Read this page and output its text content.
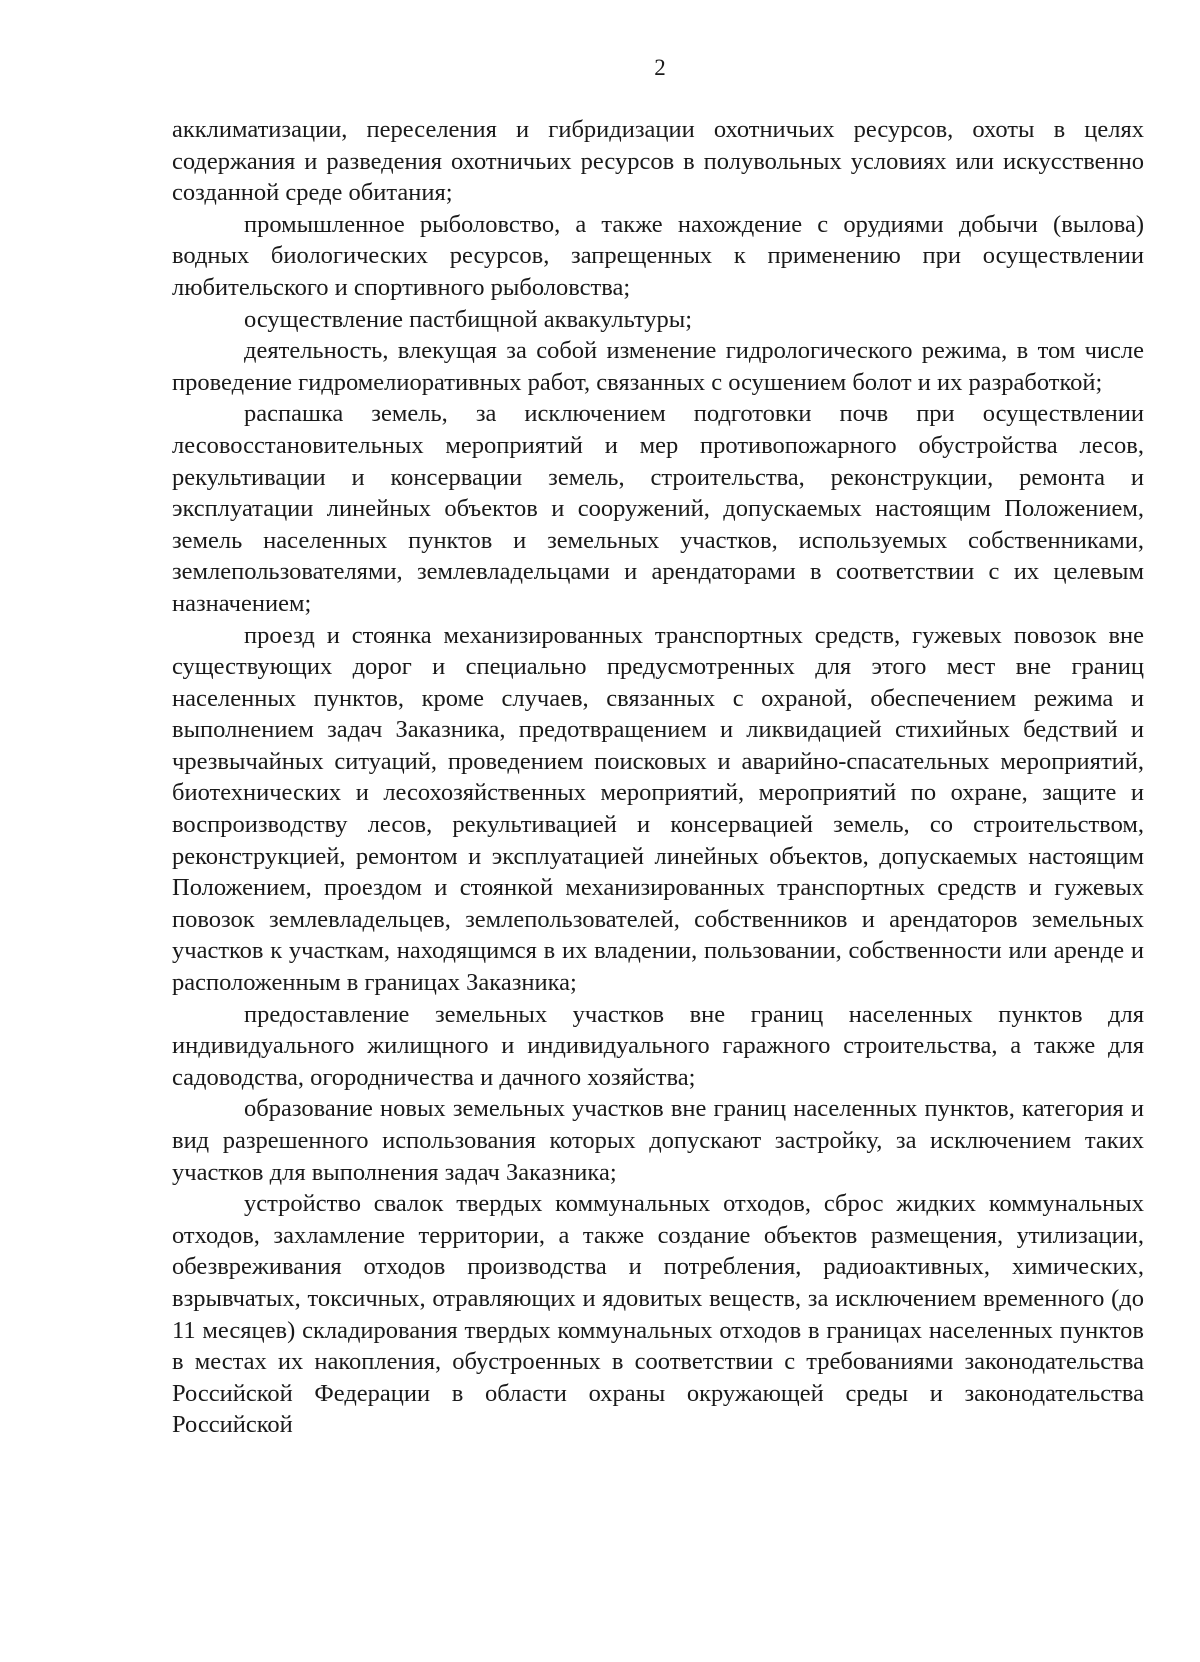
2

акклиматизации, переселения и гибридизации охотничьих ресурсов, охоты в целях содержания и разведения охотничьих ресурсов в полувольных условиях или искусственно созданной среде обитания;

промышленное рыболовство, а также нахождение с орудиями добычи (вылова) водных биологических ресурсов, запрещенных к применению при осуществлении любительского и спортивного рыболовства;

осуществление пастбищной аквакультуры;

деятельность, влекущая за собой изменение гидрологического режима, в том числе проведение гидромелиоративных работ, связанных с осушением болот и их разработкой;

распашка земель, за исключением подготовки почв при осуществлении лесовосстановительных мероприятий и мер противопожарного обустройства лесов, рекультивации и консервации земель, строительства, реконструкции, ремонта и эксплуатации линейных объектов и сооружений, допускаемых настоящим Положением, земель населенных пунктов и земельных участков, используемых собственниками, землепользователями, землевладельцами и арендаторами в соответствии с их целевым назначением;

проезд и стоянка механизированных транспортных средств, гужевых повозок вне существующих дорог и специально предусмотренных для этого мест вне границ населенных пунктов, кроме случаев, связанных с охраной, обеспечением режима и выполнением задач Заказника, предотвращением и ликвидацией стихийных бедствий и чрезвычайных ситуаций, проведением поисковых и аварийно-спасательных мероприятий, биотехнических и лесохозяйственных мероприятий, мероприятий по охране, защите и воспроизводству лесов, рекультивацией и консервацией земель, со строительством, реконструкцией, ремонтом и эксплуатацией линейных объектов, допускаемых настоящим Положением, проездом и стоянкой механизированных транспортных средств и гужевых повозок землевладельцев, землепользователей, собственников и арендаторов земельных участков к участкам, находящимся в их владении, пользовании, собственности или аренде и расположенным в границах Заказника;

предоставление земельных участков вне границ населенных пунктов для индивидуального жилищного и индивидуального гаражного строительства, а также для садоводства, огородничества и дачного хозяйства;

образование новых земельных участков вне границ населенных пунктов, категория и вид разрешенного использования которых допускают застройку, за исключением таких участков для выполнения задач Заказника;

устройство свалок твердых коммунальных отходов, сброс жидких коммунальных отходов, захламление территории, а также создание объектов размещения, утилизации, обезвреживания отходов производства и потребления, радиоактивных, химических, взрывчатых, токсичных, отравляющих и ядовитых веществ, за исключением временного (до 11 месяцев) складирования твердых коммунальных отходов в границах населенных пунктов в местах их накопления, обустроенных в соответствии с требованиями законодательства Российской Федерации в области охраны окружающей среды и законодательства Российской
